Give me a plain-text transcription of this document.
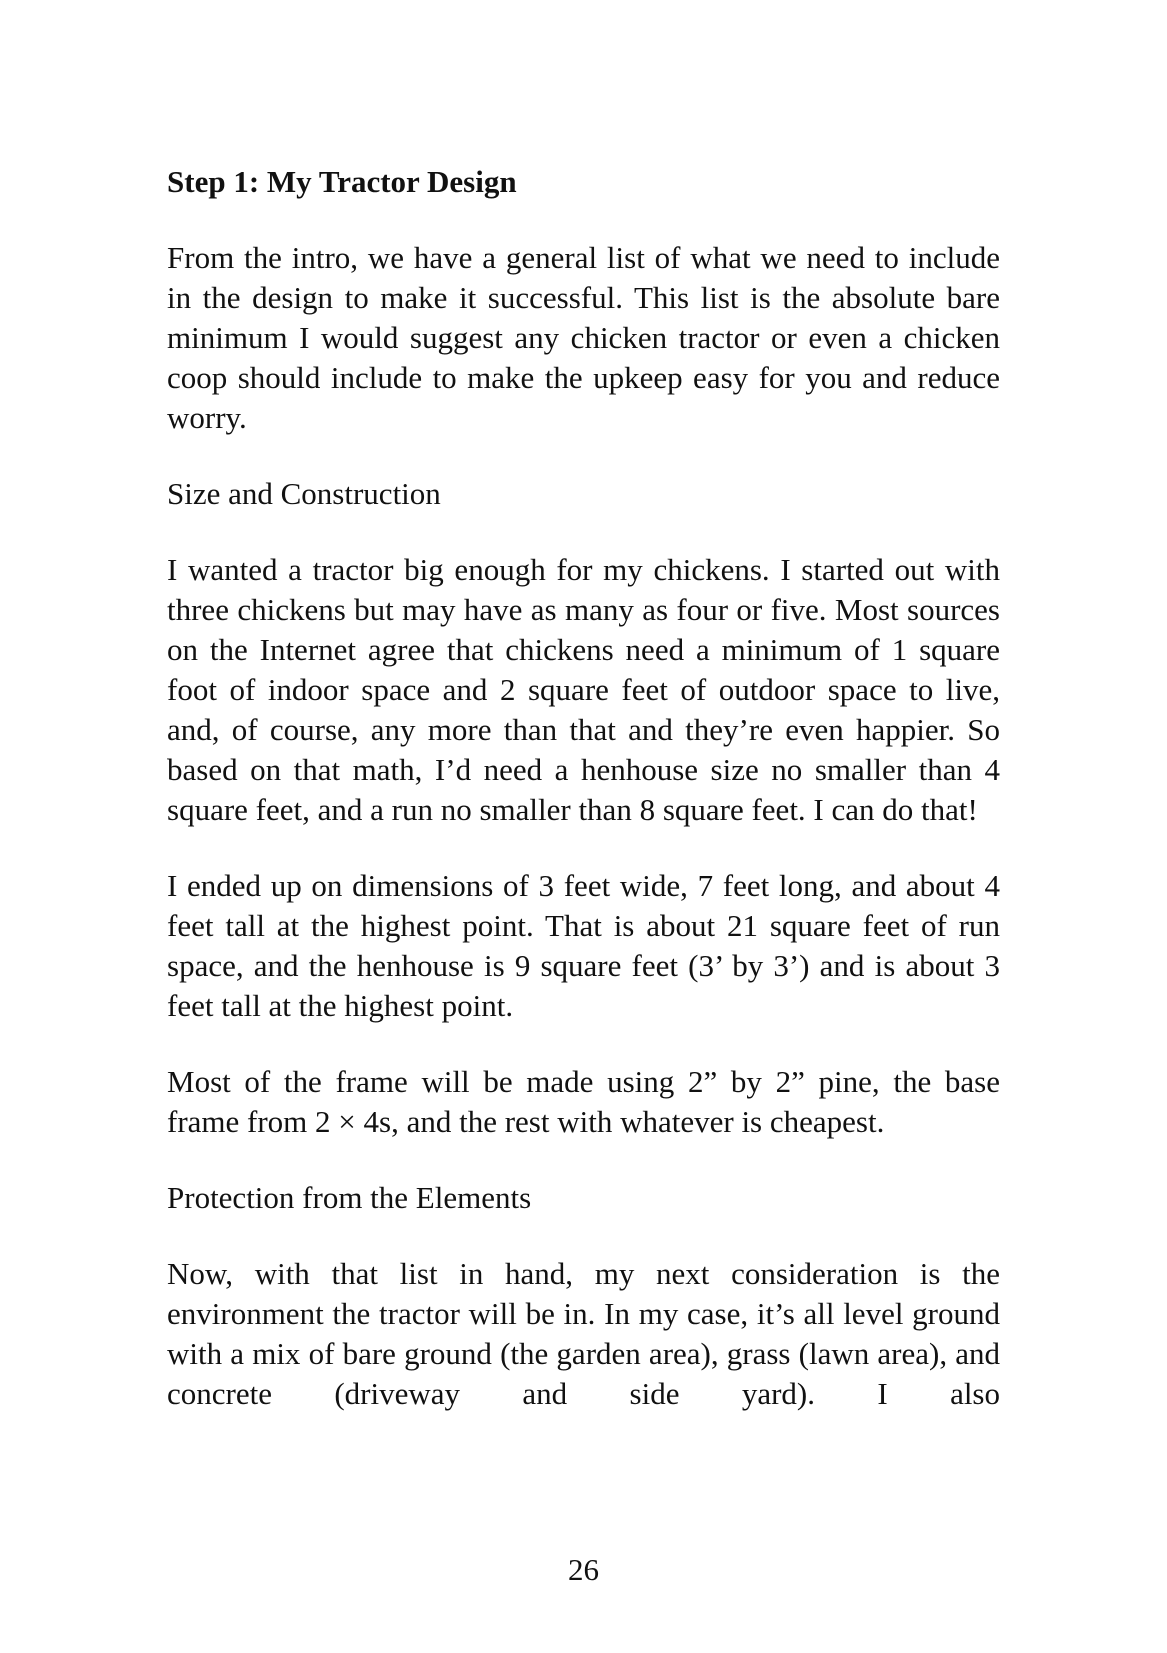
Step 1: My Tractor Design

From the intro, we have a general list of what we need to include in the design to make it successful. This list is the absolute bare minimum I would suggest any chicken tractor or even a chicken coop should include to make the upkeep easy for you and reduce worry.

Size and Construction

I wanted a tractor big enough for my chickens. I started out with three chickens but may have as many as four or five. Most sources on the Internet agree that chickens need a minimum of 1 square foot of indoor space and 2 square feet of outdoor space to live, and, of course, any more than that and they’re even happier. So based on that math, I’d need a henhouse size no smaller than 4 square feet, and a run no smaller than 8 square feet. I can do that!

I ended up on dimensions of 3 feet wide, 7 feet long, and about 4 feet tall at the highest point. That is about 21 square feet of run space, and the henhouse is 9 square feet (3’ by 3’) and is about 3 feet tall at the highest point.

Most of the frame will be made using 2” by 2” pine, the base frame from 2 × 4s, and the rest with whatever is cheapest.

Protection from the Elements

Now, with that list in hand, my next consideration is the environment the tractor will be in. In my case, it’s all level ground with a mix of bare ground (the garden area), grass (lawn area), and concrete (driveway and side yard). I also

26
